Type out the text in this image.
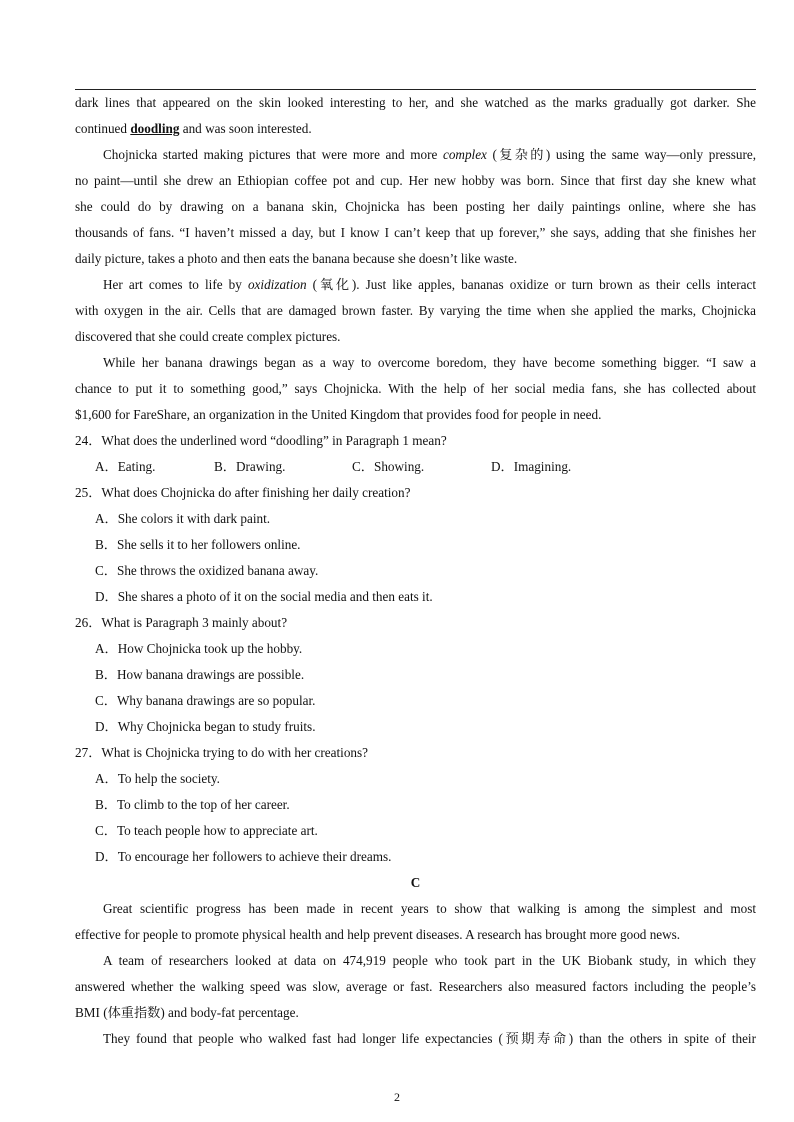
dark lines that appeared on the skin looked interesting to her, and she watched as the marks gradually got darker. She
continued doodling and was soon interested.
Chojnicka started making pictures that were more and more complex (复杂的) using the same way—only pressure,
no paint—until she drew an Ethiopian coffee pot and cup. Her new hobby was born. Since that first day she knew what
she could do by drawing on a banana skin, Chojnicka has been posting her daily paintings online, where she has
thousands of fans. “I haven’t missed a day, but I know I can’t keep that up forever,” she says, adding that she finishes her
daily picture, takes a photo and then eats the banana because she doesn’t like waste.
Her art comes to life by oxidization (氧化). Just like apples, bananas oxidize or turn brown as their cells interact
with oxygen in the air. Cells that are damaged brown faster. By varying the time when she applied the marks, Chojnicka
discovered that she could create complex pictures.
While her banana drawings began as a way to overcome boredom, they have become something bigger. “I saw a
chance to put it to something good,” says Chojnicka. With the help of her social media fans, she has collected about
$1,600 for FareShare, an organization in the United Kingdom that provides food for people in need.
24．What does the underlined word “doodling” in Paragraph 1 mean?
A．Eating.	B．Drawing.	C．Showing.	D．Imagining.
25．What does Chojnicka do after finishing her daily creation?
A．She colors it with dark paint.
B．She sells it to her followers online.
C．She throws the oxidized banana away.
D．She shares a photo of it on the social media and then eats it.
26．What is Paragraph 3 mainly about?
A．How Chojnicka took up the hobby.
B．How banana drawings are possible.
C．Why banana drawings are so popular.
D．Why Chojnicka began to study fruits.
27．What is Chojnicka trying to do with her creations?
A．To help the society.
B．To climb to the top of her career.
C．To teach people how to appreciate art.
D．To encourage her followers to achieve their dreams.
C
Great scientific progress has been made in recent years to show that walking is among the simplest and most
effective for people to promote physical health and help prevent diseases. A research has brought more good news.
A team of researchers looked at data on 474,919 people who took part in the UK Biobank study, in which they
answered whether the walking speed was slow, average or fast. Researchers also measured factors including the people’s
BMI (体重指数) and body-fat percentage.
They found that people who walked fast had longer life expectancies (预期寿命) than the others in spite of their
2
